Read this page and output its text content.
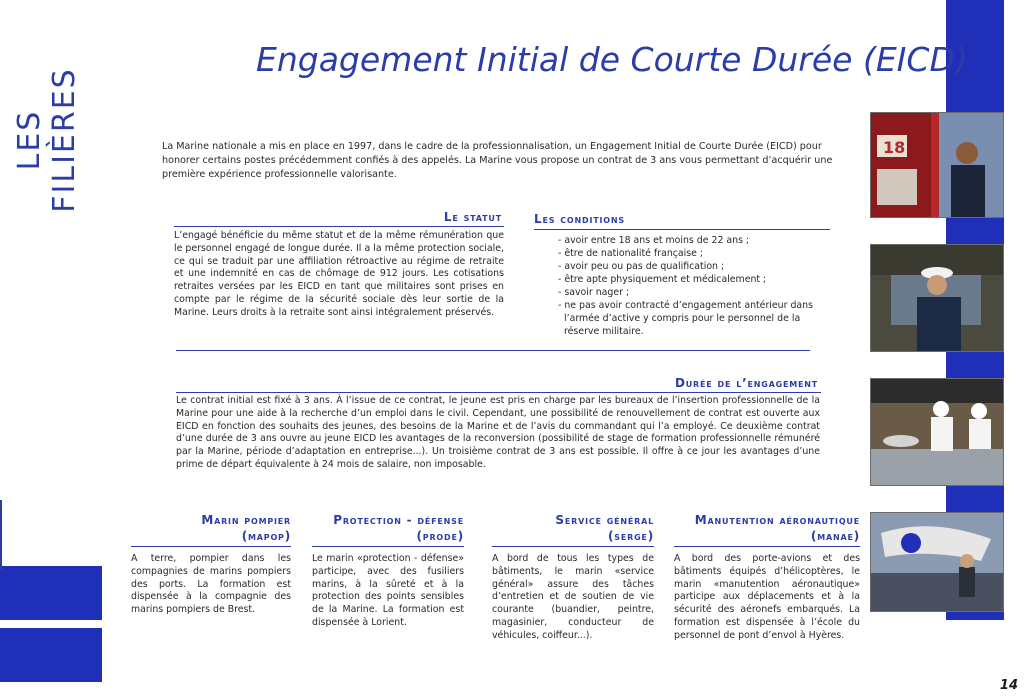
LES FILIÈRES
Engagement Initial de Courte Durée (EICD)
La Marine nationale a mis en place en 1997, dans le cadre de la professionnalisation, un Engagement Initial de Courte Durée (EICD) pour honorer certains postes précédemment confiés à des appelés. La Marine vous propose un contrat de 3 ans vous permettant d’acquérir une première expérience professionnelle valorisante.
Le statut
L’engagé bénéficie du même statut et de la même rémunération que le personnel engagé de longue durée. Il a la même protection sociale, ce qui se traduit par une affiliation rétroactive au régime de retraite et une indemnité en cas de chômage de 912 jours. Les cotisations retraites versées par les EICD en tant que militaires sont prises en compte par le régime de la sécurité sociale dès leur sortie de la Marine. Leurs droits à la retraite sont ainsi intégralement préservés.
Les conditions
- avoir entre 18 ans et moins de 22 ans ;
- être de nationalité française ;
- avoir peu ou pas de qualification ;
- être apte physiquement et médicalement ;
- savoir nager ;
- ne pas avoir contracté d’engagement antérieur dans l’armée d’active y compris pour le personnel de la réserve militaire.
Durée de l’engagement
Le contrat initial est fixé à 3 ans. À l’issue de ce contrat, le jeune est pris en charge par les bureaux de l’insertion professionnelle de la Marine pour une aide à la recherche d’un emploi dans le civil. Cependant, une possibilité de renouvellement de contrat est ouverte aux EICD en fonction des souhaits des jeunes, des besoins de la Marine et de l’avis du commandant qui l’a employé. Ce deuxième contrat d’une durée de 3 ans ouvre au jeune EICD les avantages de la reconversion (possibilité de stage de formation professionnelle rémunéré par la Marine, période d’adaptation en entreprise...). Un troisième contrat de 3 ans est possible. Il offre à ce jour les avantages d’une prime de départ équivalente à 24 mois de salaire, non imposable.
Marin pompier
(mapop)
A terre, pompier dans les compagnies de marins pompiers des ports. La formation est dispensée à la compagnie des marins pompiers de Brest.
Protection - défense
(prode)
Le marin «protection - défense» participe, avec des fusiliers marins, à la sûreté et à la protection des points sensibles de la Marine. La formation est dispensée à Lorient.
Service général
(serge)
A bord de tous les types de bâtiments, le marin «service général» assure des tâches d’entretien et de soutien de vie courante (buandier, peintre, magasinier, conducteur de véhicules, coiffeur...).
Manutention aéronautique
(manae)
A bord des porte-avions et des bâtiments équipés d’hélicoptères, le marin «manutention aéronautique» participe aux déplacements et à la sécurité des aéronefs embarqués. La formation est dispensée à l’école du personnel de pont d’envol à Hyères.
18
14
